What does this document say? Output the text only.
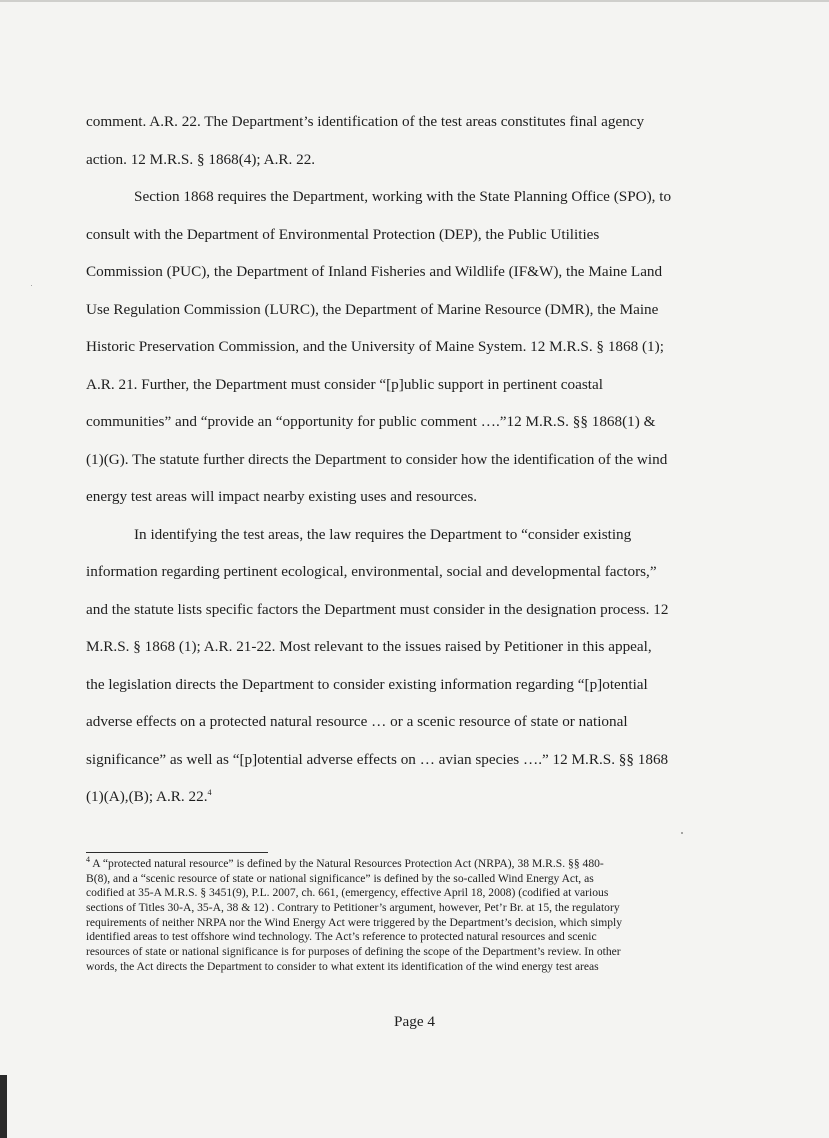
comment. A.R. 22. The Department’s identification of the test areas constitutes final agency
action. 12 M.R.S. § 1868(4); A.R. 22.
Section 1868 requires the Department, working with the State Planning Office (SPO), to
consult with the Department of Environmental Protection (DEP), the Public Utilities
Commission (PUC), the Department of Inland Fisheries and Wildlife (IF&W), the Maine Land
Use Regulation Commission (LURC), the Department of Marine Resource (DMR), the Maine
Historic Preservation Commission, and the University of Maine System. 12 M.R.S. § 1868 (1);
A.R. 21. Further, the Department must consider “[p]ublic support in pertinent coastal
communities” and “provide an “opportunity for public comment ….”12 M.R.S. §§ 1868(1) &
(1)(G). The statute further directs the Department to consider how the identification of the wind
energy test areas will impact nearby existing uses and resources.
In identifying the test areas, the law requires the Department to “consider existing
information regarding pertinent ecological, environmental, social and developmental factors,”
and the statute lists specific factors the Department must consider in the designation process. 12
M.R.S. § 1868 (1); A.R. 21-22. Most relevant to the issues raised by Petitioner in this appeal,
the legislation directs the Department to consider existing information regarding “[p]otential
adverse effects on a protected natural resource … or a scenic resource of state or national
significance” as well as “[p]otential adverse effects on … avian species ….” 12 M.R.S. §§ 1868
(1)(A),(B); A.R. 22.$^4$
$^4$ A “protected natural resource” is defined by the Natural Resources Protection Act (NRPA), 38 M.R.S. §§ 480-
B(8), and a “scenic resource of state or national significance” is defined by the so-called Wind Energy Act, as
codified at 35-A M.R.S. § 3451(9), P.L. 2007, ch. 661, (emergency, effective April 18, 2008) (codified at various
sections of Titles 30-A, 35-A, 38 & 12) . Contrary to Petitioner’s argument, however, Pet’r Br. at 15, the regulatory
requirements of neither NRPA nor the Wind Energy Act were triggered by the Department’s decision, which simply
identified areas to test offshore wind technology. The Act’s reference to protected natural resources and scenic
resources of state or national significance is for purposes of defining the scope of the Department’s review. In other
words, the Act directs the Department to consider to what extent its identification of the wind energy test areas
Page 4
